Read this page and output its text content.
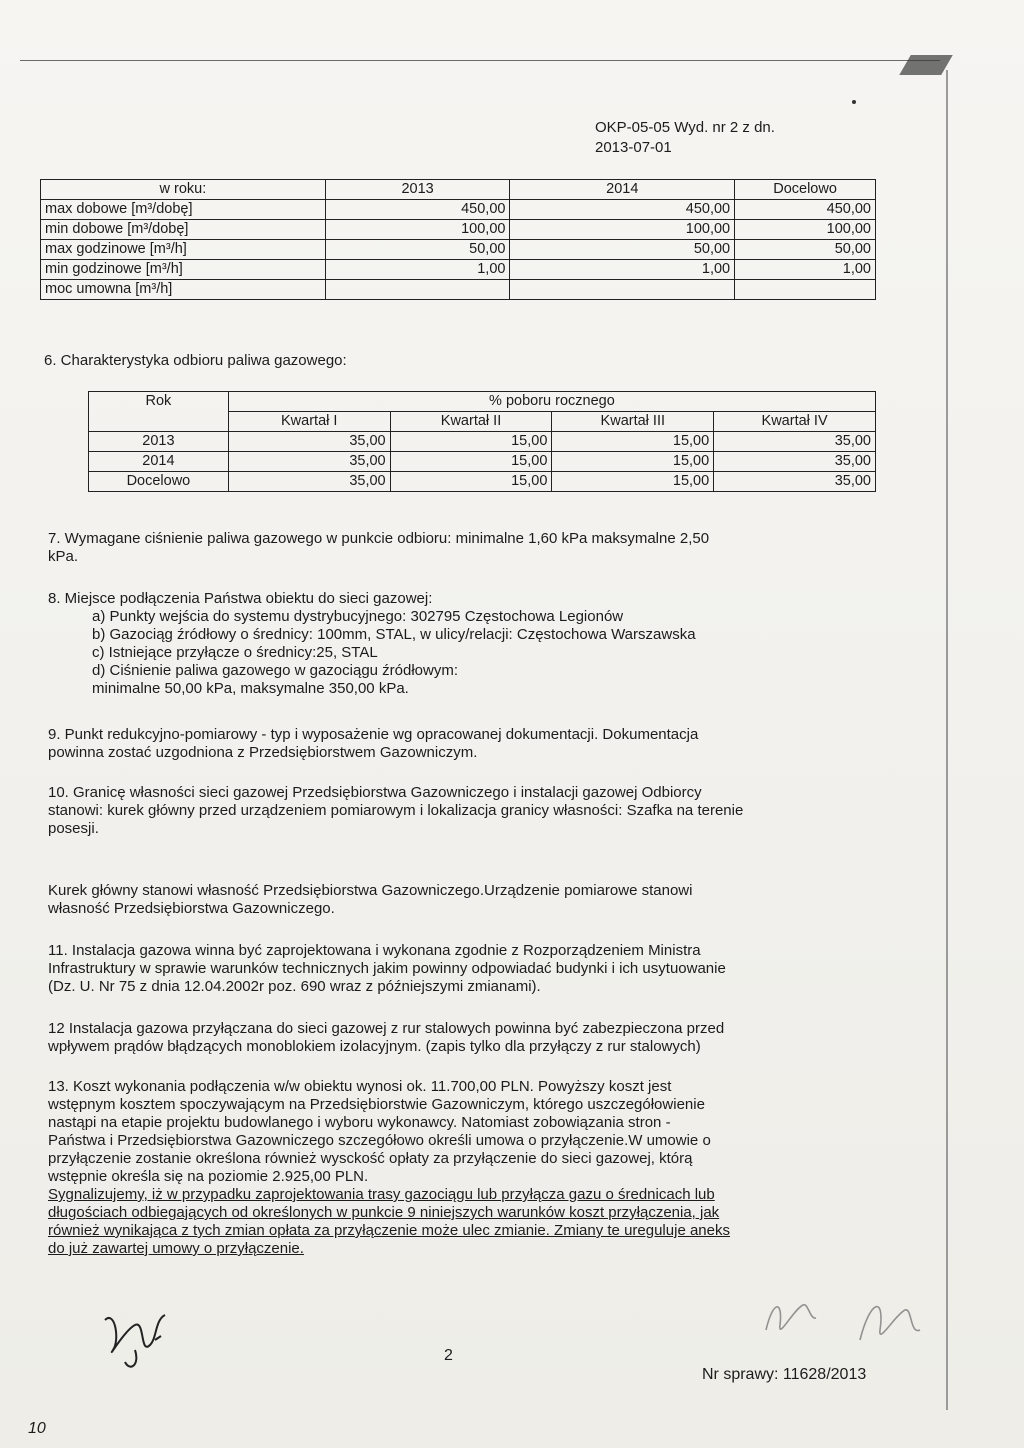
OKP-05-05 Wyd. nr 2 z dn.
2013-07-01
w roku:	2013	2014	Docelowo
max dobowe [m³/dobę]	450,00	450,00	450,00
min dobowe [m³/dobę]	100,00	100,00	100,00
max godzinowe [m³/h]	50,00	50,00	50,00
min godzinowe [m³/h]	1,00	1,00	1,00
moc umowna [m³/h]			
6. Charakterystyka odbioru paliwa gazowego:
Rok	% poboru rocznego			
	Kwartał I	Kwartał II	Kwartał III	Kwartał IV
2013	35,00	15,00	15,00	35,00
2014	35,00	15,00	15,00	35,00
Docelowo	35,00	15,00	15,00	35,00
7. Wymagane ciśnienie paliwa gazowego w punkcie odbioru: minimalne 1,60 kPa maksymalne 2,50
kPa.
8. Miejsce podłączenia Państwa obiektu do sieci gazowej:
a) Punkty wejścia do systemu dystrybucyjnego: 302795 Częstochowa Legionów
b) Gazociąg źródłowy o średnicy: 100mm, STAL, w ulicy/relacji: Częstochowa Warszawska
c) Istniejące przyłącze o średnicy:25, STAL
d) Ciśnienie paliwa gazowego w gazociągu źródłowym:
minimalne 50,00 kPa, maksymalne 350,00 kPa.
9. Punkt redukcyjno-pomiarowy - typ i wyposażenie wg opracowanej dokumentacji. Dokumentacja
powinna zostać uzgodniona z Przedsiębiorstwem Gazowniczym.
10. Granicę własności sieci gazowej Przedsiębiorstwa Gazowniczego i instalacji gazowej Odbiorcy
stanowi: kurek główny przed urządzeniem pomiarowym i lokalizacja granicy własności: Szafka na terenie
posesji.
Kurek główny stanowi własność Przedsiębiorstwa Gazowniczego.Urządzenie pomiarowe stanowi
własność Przedsiębiorstwa Gazowniczego.
11. Instalacja gazowa winna być zaprojektowana i wykonana zgodnie z Rozporządzeniem Ministra
Infrastruktury w sprawie warunków technicznych jakim powinny odpowiadać budynki i ich usytuowanie
(Dz. U. Nr 75 z dnia 12.04.2002r poz. 690 wraz z późniejszymi zmianami).
12 Instalacja gazowa przyłączana do sieci gazowej z rur stalowych powinna być zabezpieczona przed
wpływem prądów błądzących monoblokiem izolacyjnym. (zapis tylko dla przyłączy z rur stalowych)
13. Koszt wykonania podłączenia w/w obiektu wynosi ok. 11.700,00 PLN. Powyższy koszt jest
wstępnym kosztem spoczywającym na Przedsiębiorstwie Gazowniczym, którego uszczegółowienie
nastąpi na etapie projektu budowlanego i wyboru wykonawcy. Natomiast zobowiązania stron -
Państwa i Przedsiębiorstwa Gazowniczego szczegółowo określi umowa o przyłączenie.W umowie o
przyłączenie zostanie określona również wysckość opłaty za przyłączenie do sieci gazowej, którą
wstępnie określa się na poziomie 2.925,00 PLN.
Sygnalizujemy, iż w przypadku zaprojektowania trasy gazociągu lub przyłącza gazu o średnicach lub
długościach odbiegających od określonych w punkcie 9 niniejszych warunków koszt przyłączenia, jak
również wynikająca z tych zmian opłata za przyłączenie może ulec zmianie. Zmiany te ureguluje aneks
do już zawartej umowy o przyłączenie.
2
Nr sprawy: 11628/2013
10
